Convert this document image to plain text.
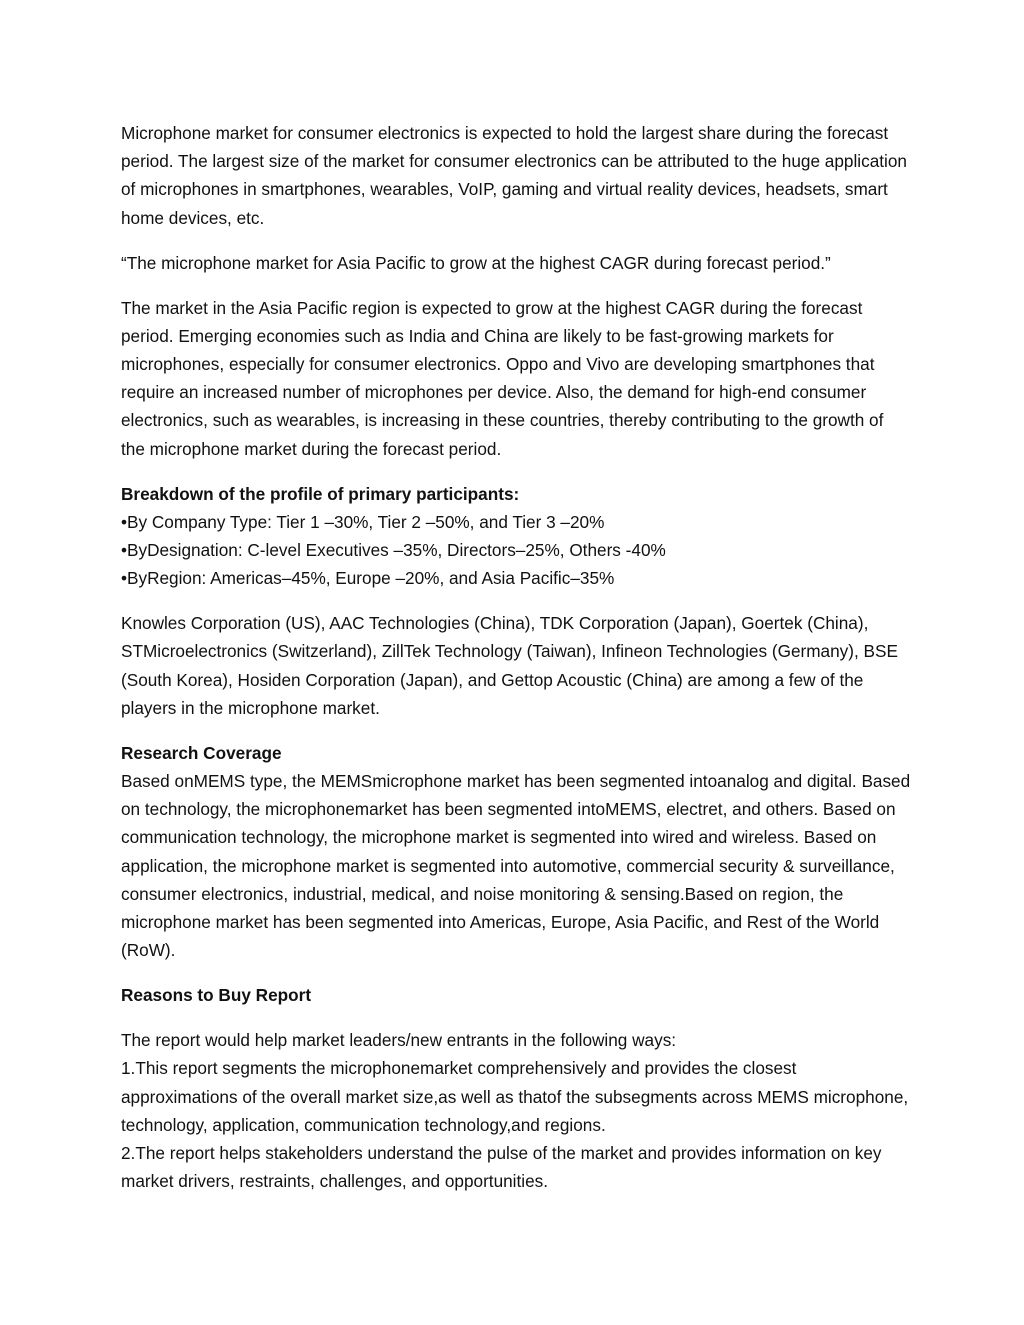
Microphone market for consumer electronics is expected to hold the largest share during the forecast period. The largest size of the market for consumer electronics can be attributed to the huge application of microphones in smartphones, wearables, VoIP, gaming and virtual reality devices, headsets, smart home devices, etc.

“The microphone market for Asia Pacific to grow at the highest CAGR during forecast period.”

The market in the Asia Pacific region is expected to grow at the highest CAGR during the forecast period. Emerging economies such as India and China are likely to be fast-growing markets for microphones, especially for consumer electronics. Oppo and Vivo are developing smartphones that require an increased number of microphones per device. Also, the demand for high-end consumer electronics, such as wearables, is increasing in these countries, thereby contributing to the growth of the microphone market during the forecast period.

Breakdown of the profile of primary participants:
•By Company Type: Tier 1 –30%, Tier 2 –50%, and Tier 3 –20%
•ByDesignation: C-level Executives –35%, Directors–25%, Others -40%
•ByRegion: Americas–45%, Europe –20%, and Asia Pacific–35%

Knowles Corporation (US), AAC Technologies (China), TDK Corporation (Japan), Goertek (China), STMicroelectronics (Switzerland), ZillTek Technology (Taiwan), Infineon Technologies (Germany), BSE (South Korea), Hosiden Corporation (Japan), and Gettop Acoustic (China) are among a few of the players in the microphone market.

Research Coverage
Based onMEMS type, the MEMSmicrophone market has been segmented intoanalog and digital. Based on technology, the microphonemarket has been segmented intoMEMS, electret, and others. Based on communication technology, the microphone market is segmented into wired and wireless. Based on application, the microphone market is segmented into automotive, commercial security & surveillance, consumer electronics, industrial, medical, and noise monitoring & sensing.Based on region, the microphone market has been segmented into Americas, Europe, Asia Pacific, and Rest of the World (RoW).

Reasons to Buy Report

The report would help market leaders/new entrants in the following ways:
1.This report segments the microphonemarket comprehensively and provides the closest approximations of the overall market size,as well as thatof the subsegments across MEMS microphone, technology, application, communication technology,and regions.
2.The report helps stakeholders understand the pulse of the market and provides information on key market drivers, restraints, challenges, and opportunities.
